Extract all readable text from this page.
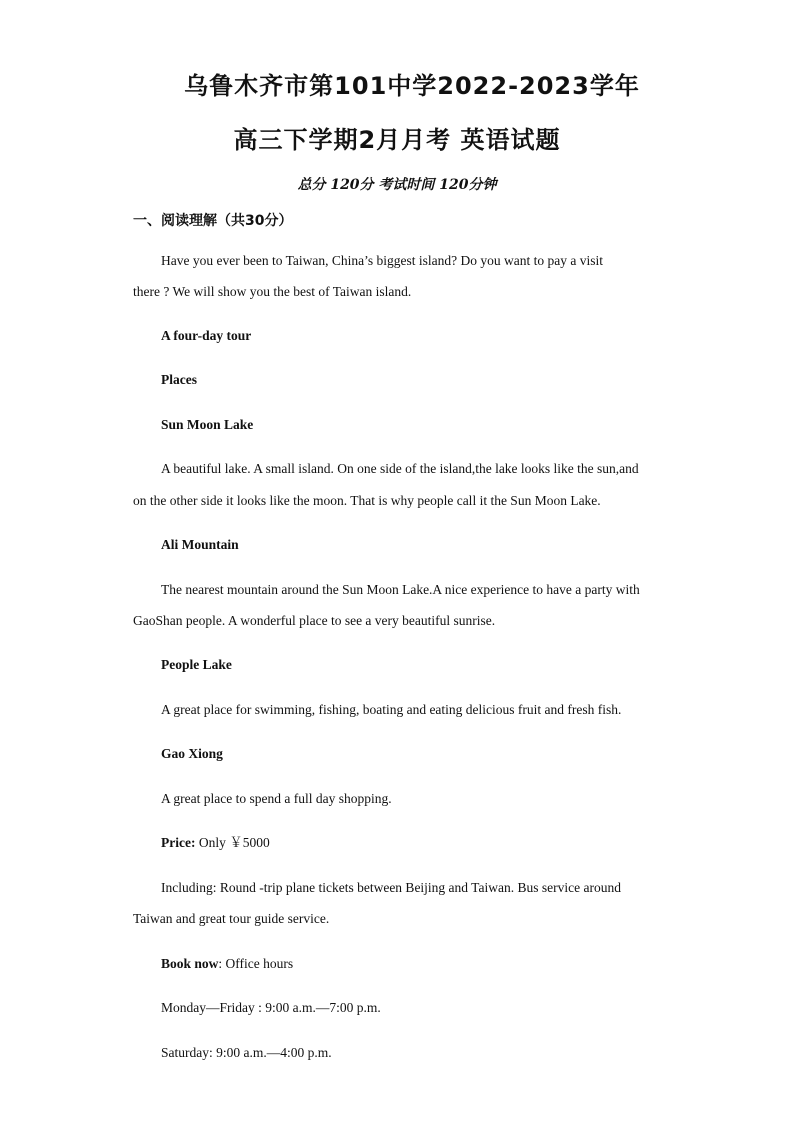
乌鲁木齐市第101中学2022-2023学年
高三下学期2月月考 英语试题
总分 120分 考试时间 120分钟
一、阅读理解（共30分）
Have you ever been to Taiwan, China’s biggest island? Do you want to pay a visit
there ? We will show you the best of Taiwan island.
A four-day tour
Places
Sun Moon Lake
A beautiful lake. A small island. On one side of the island,the lake looks like the sun,and
on the other side it looks like the moon. That is why people call it the Sun Moon Lake.
Ali Mountain
The nearest mountain around the Sun Moon Lake.A nice experience to have a party with
GaoShan people. A wonderful place to see a very beautiful sunrise.
People Lake
A great place for swimming, fishing, boating and eating delicious fruit and fresh fish.
Gao Xiong
A great place to spend a full day shopping.
Price: Only ￥5000
Including: Round -trip plane tickets between Beijing and Taiwan. Bus service around
Taiwan and great tour guide service.
Book now: Office hours
Monday—Friday : 9:00 a.m.—7:00 p.m.
Saturday: 9:00 a.m.—4:00 p.m.
